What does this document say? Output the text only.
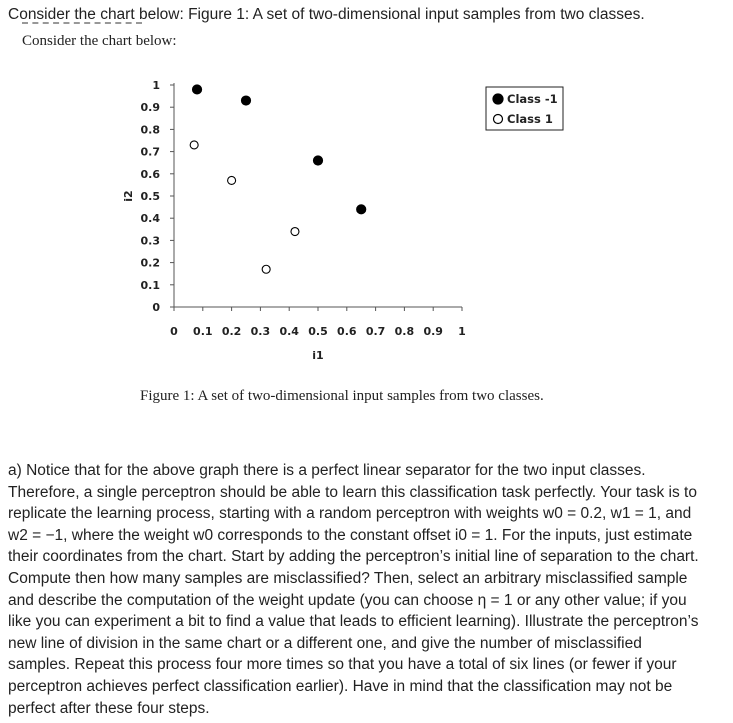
Consider the chart below: Figure 1: A set of two-dimensional input samples from two classes.
Consider the chart below:
0
0.1
0.2
0.3
0.4
0.5
0.6
0.7
0.8
0.9
1
0 0.1 0.2 0.3 0.4 0.5 0.6 0.7 0.8 0.9 1
i1
i2
Class -1
Class 1
Figure 1: A set of two-dimensional input samples from two classes.
a) Notice that for the above graph there is a perfect linear separator for the two input classes. Therefore, a single perceptron should be able to learn this classification task perfectly. Your task is to replicate the learning process, starting with a random perceptron with weights w0 = 0.2, w1 = 1, and w2 = −1, where the weight w0 corresponds to the constant offset i0 = 1. For the inputs, just estimate their coordinates from the chart. Start by adding the perceptron’s initial line of separation to the chart. Compute then how many samples are misclassified? Then, select an arbitrary misclassified sample and describe the computation of the weight update (you can choose η = 1 or any other value; if you like you can experiment a bit to find a value that leads to efficient learning). Illustrate the perceptron’s new line of division in the same chart or a different one, and give the number of misclassified samples. Repeat this process four more times so that you have a total of six lines (or fewer if your perceptron achieves perfect classification earlier). Have in mind that the classification may not be perfect after these four steps.
